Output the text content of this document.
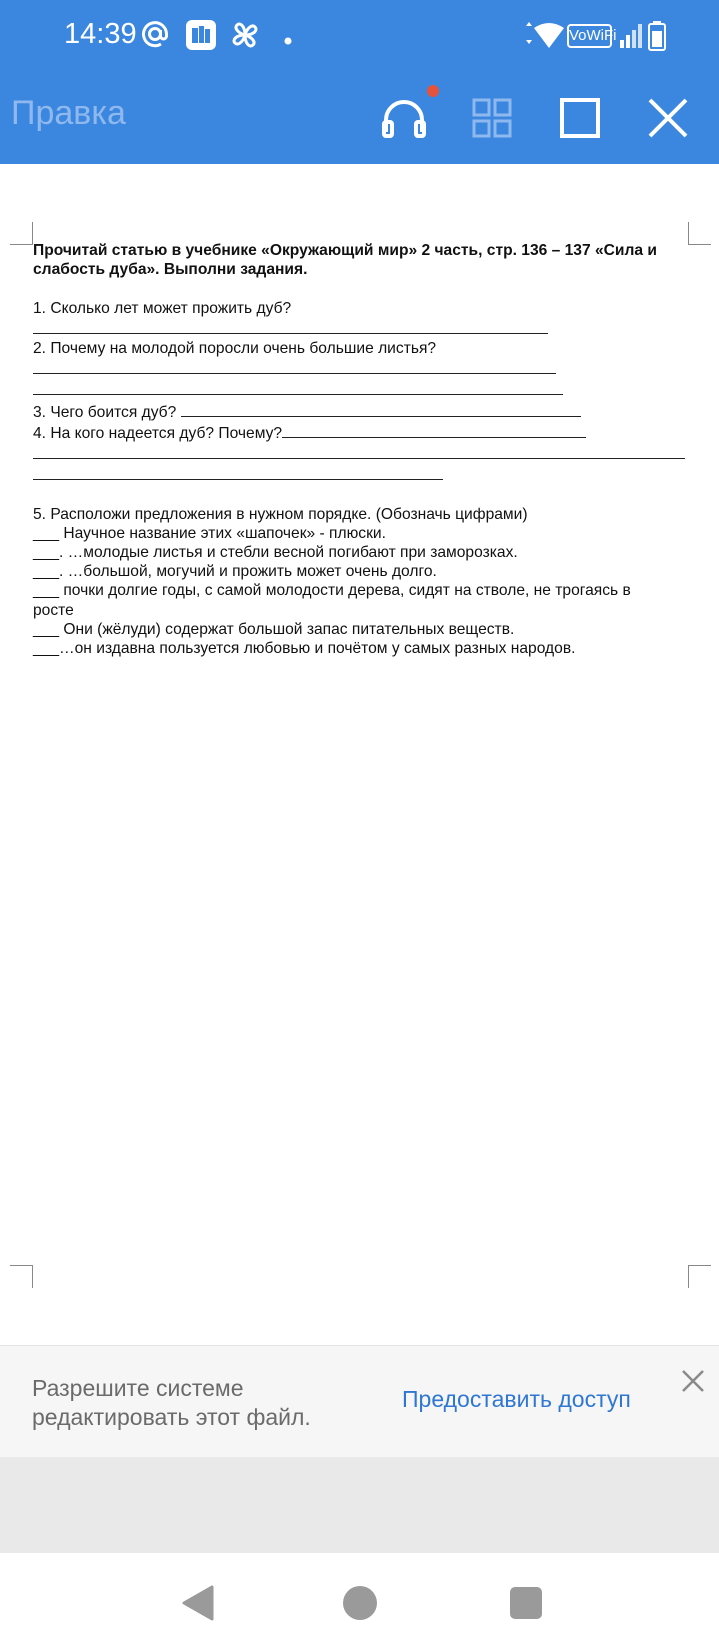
14:39	VoWiFi
Правка
Прочитай статью в учебнике «Окружающий мир» 2 часть, стр. 136 – 137 «Сила и
слабость дуба». Выполни задания.
1. Сколько лет может прожить дуб?
2. Почему на молодой поросли очень большие листья?
3. Чего боится дуб?
4. На кого надеется дуб? Почему?
5. Расположи предложения в нужном порядке. (Обозначь цифрами)
___ Научное название этих «шапочек» - плюски.
___. …молодые листья и стебли весной погибают при заморозках.
___. …большой, могучий и прожить может очень долго.
___ почки долгие годы, с самой молодости дерева, сидят на стволе, не трогаясь в
росте
___ Они (жёлуди) содержат большой запас питательных веществ.
___…он издавна пользуется любовью и почётом у самых разных народов.
Разрешите системе редактировать этот файл.
Предоставить доступ
